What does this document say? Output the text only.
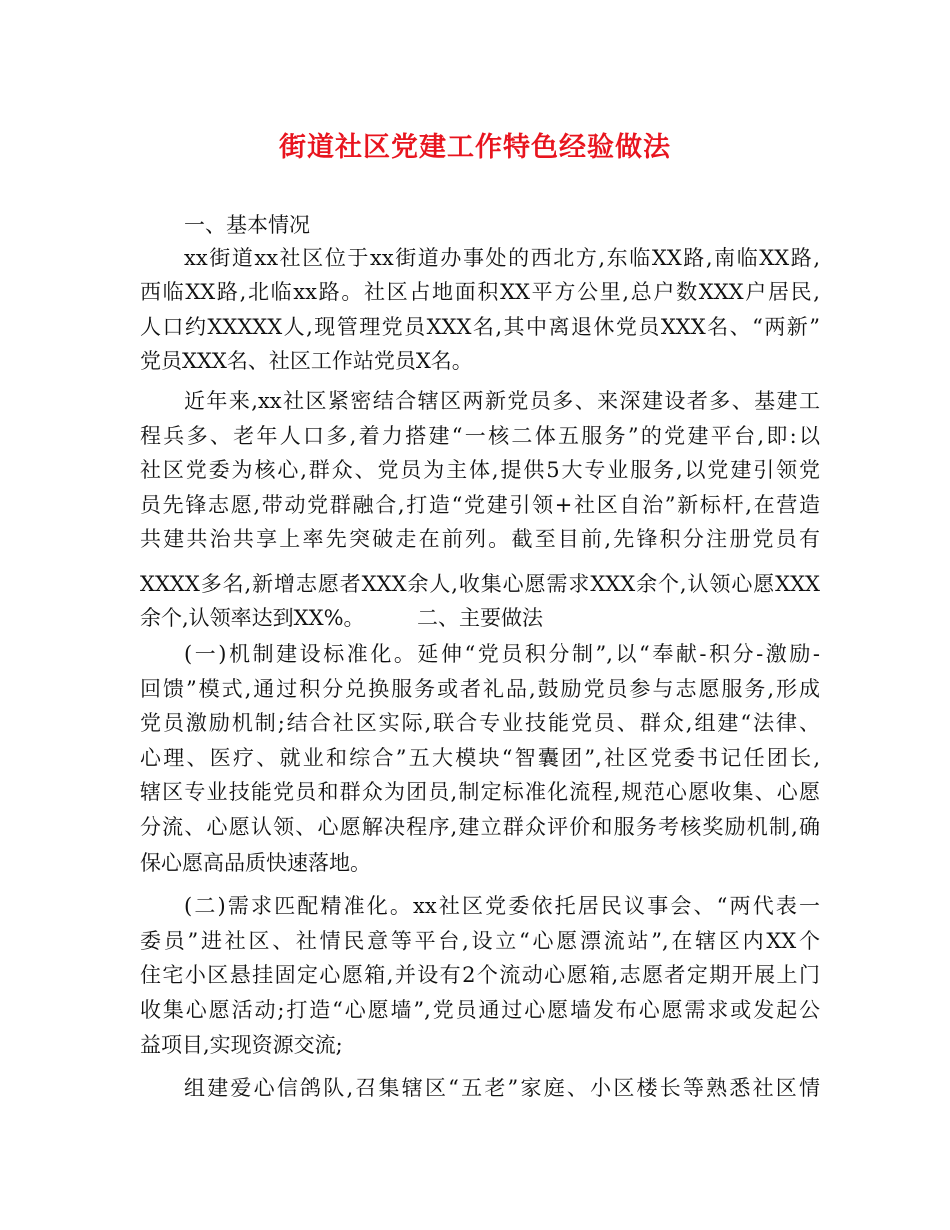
街道社区党建工作特色经验做法
一、基本情况
xx街道xx社区位于xx街道办事处的西北方,东临XX路,南临XX路,
西临XX路,北临xx路。社区占地面积XX平方公里,总户数XXX户居民,
人口约XXXXX人,现管理党员XXX名,其中离退休党员XXX名、“两新”
党员XXX名、社区工作站党员X名。
近年来,xx社区紧密结合辖区两新党员多、来深建设者多、基建工
程兵多、老年人口多,着力搭建“一核二体五服务”的党建平台,即:以
社区党委为核心,群众、党员为主体,提供5大专业服务,以党建引领党
员先锋志愿,带动党群融合,打造“党建引领+社区自治”新标杆,在营造
共建共治共享上率先突破走在前列。截至目前,先锋积分注册党员有
XXXX多名,新增志愿者XXX余人,收集心愿需求XXX余个,认领心愿XXX
余个,认领率达到XX%。　　　二、主要做法
(一)机制建设标准化。延伸“党员积分制”,以“奉献-积分-激励-
回馈”模式,通过积分兑换服务或者礼品,鼓励党员参与志愿服务,形成
党员激励机制;结合社区实际,联合专业技能党员、群众,组建“法律、
心理、医疗、就业和综合”五大模块“智囊团”,社区党委书记任团长,
辖区专业技能党员和群众为团员,制定标准化流程,规范心愿收集、心愿
分流、心愿认领、心愿解决程序,建立群众评价和服务考核奖励机制,确
保心愿高品质快速落地。
(二)需求匹配精准化。xx社区党委依托居民议事会、“两代表一
委员”进社区、社情民意等平台,设立“心愿漂流站”,在辖区内XX个
住宅小区悬挂固定心愿箱,并设有2个流动心愿箱,志愿者定期开展上门
收集心愿活动;打造“心愿墙”,党员通过心愿墙发布心愿需求或发起公
益项目,实现资源交流;
组建爱心信鸽队,召集辖区“五老”家庭、小区楼长等熟悉社区情
